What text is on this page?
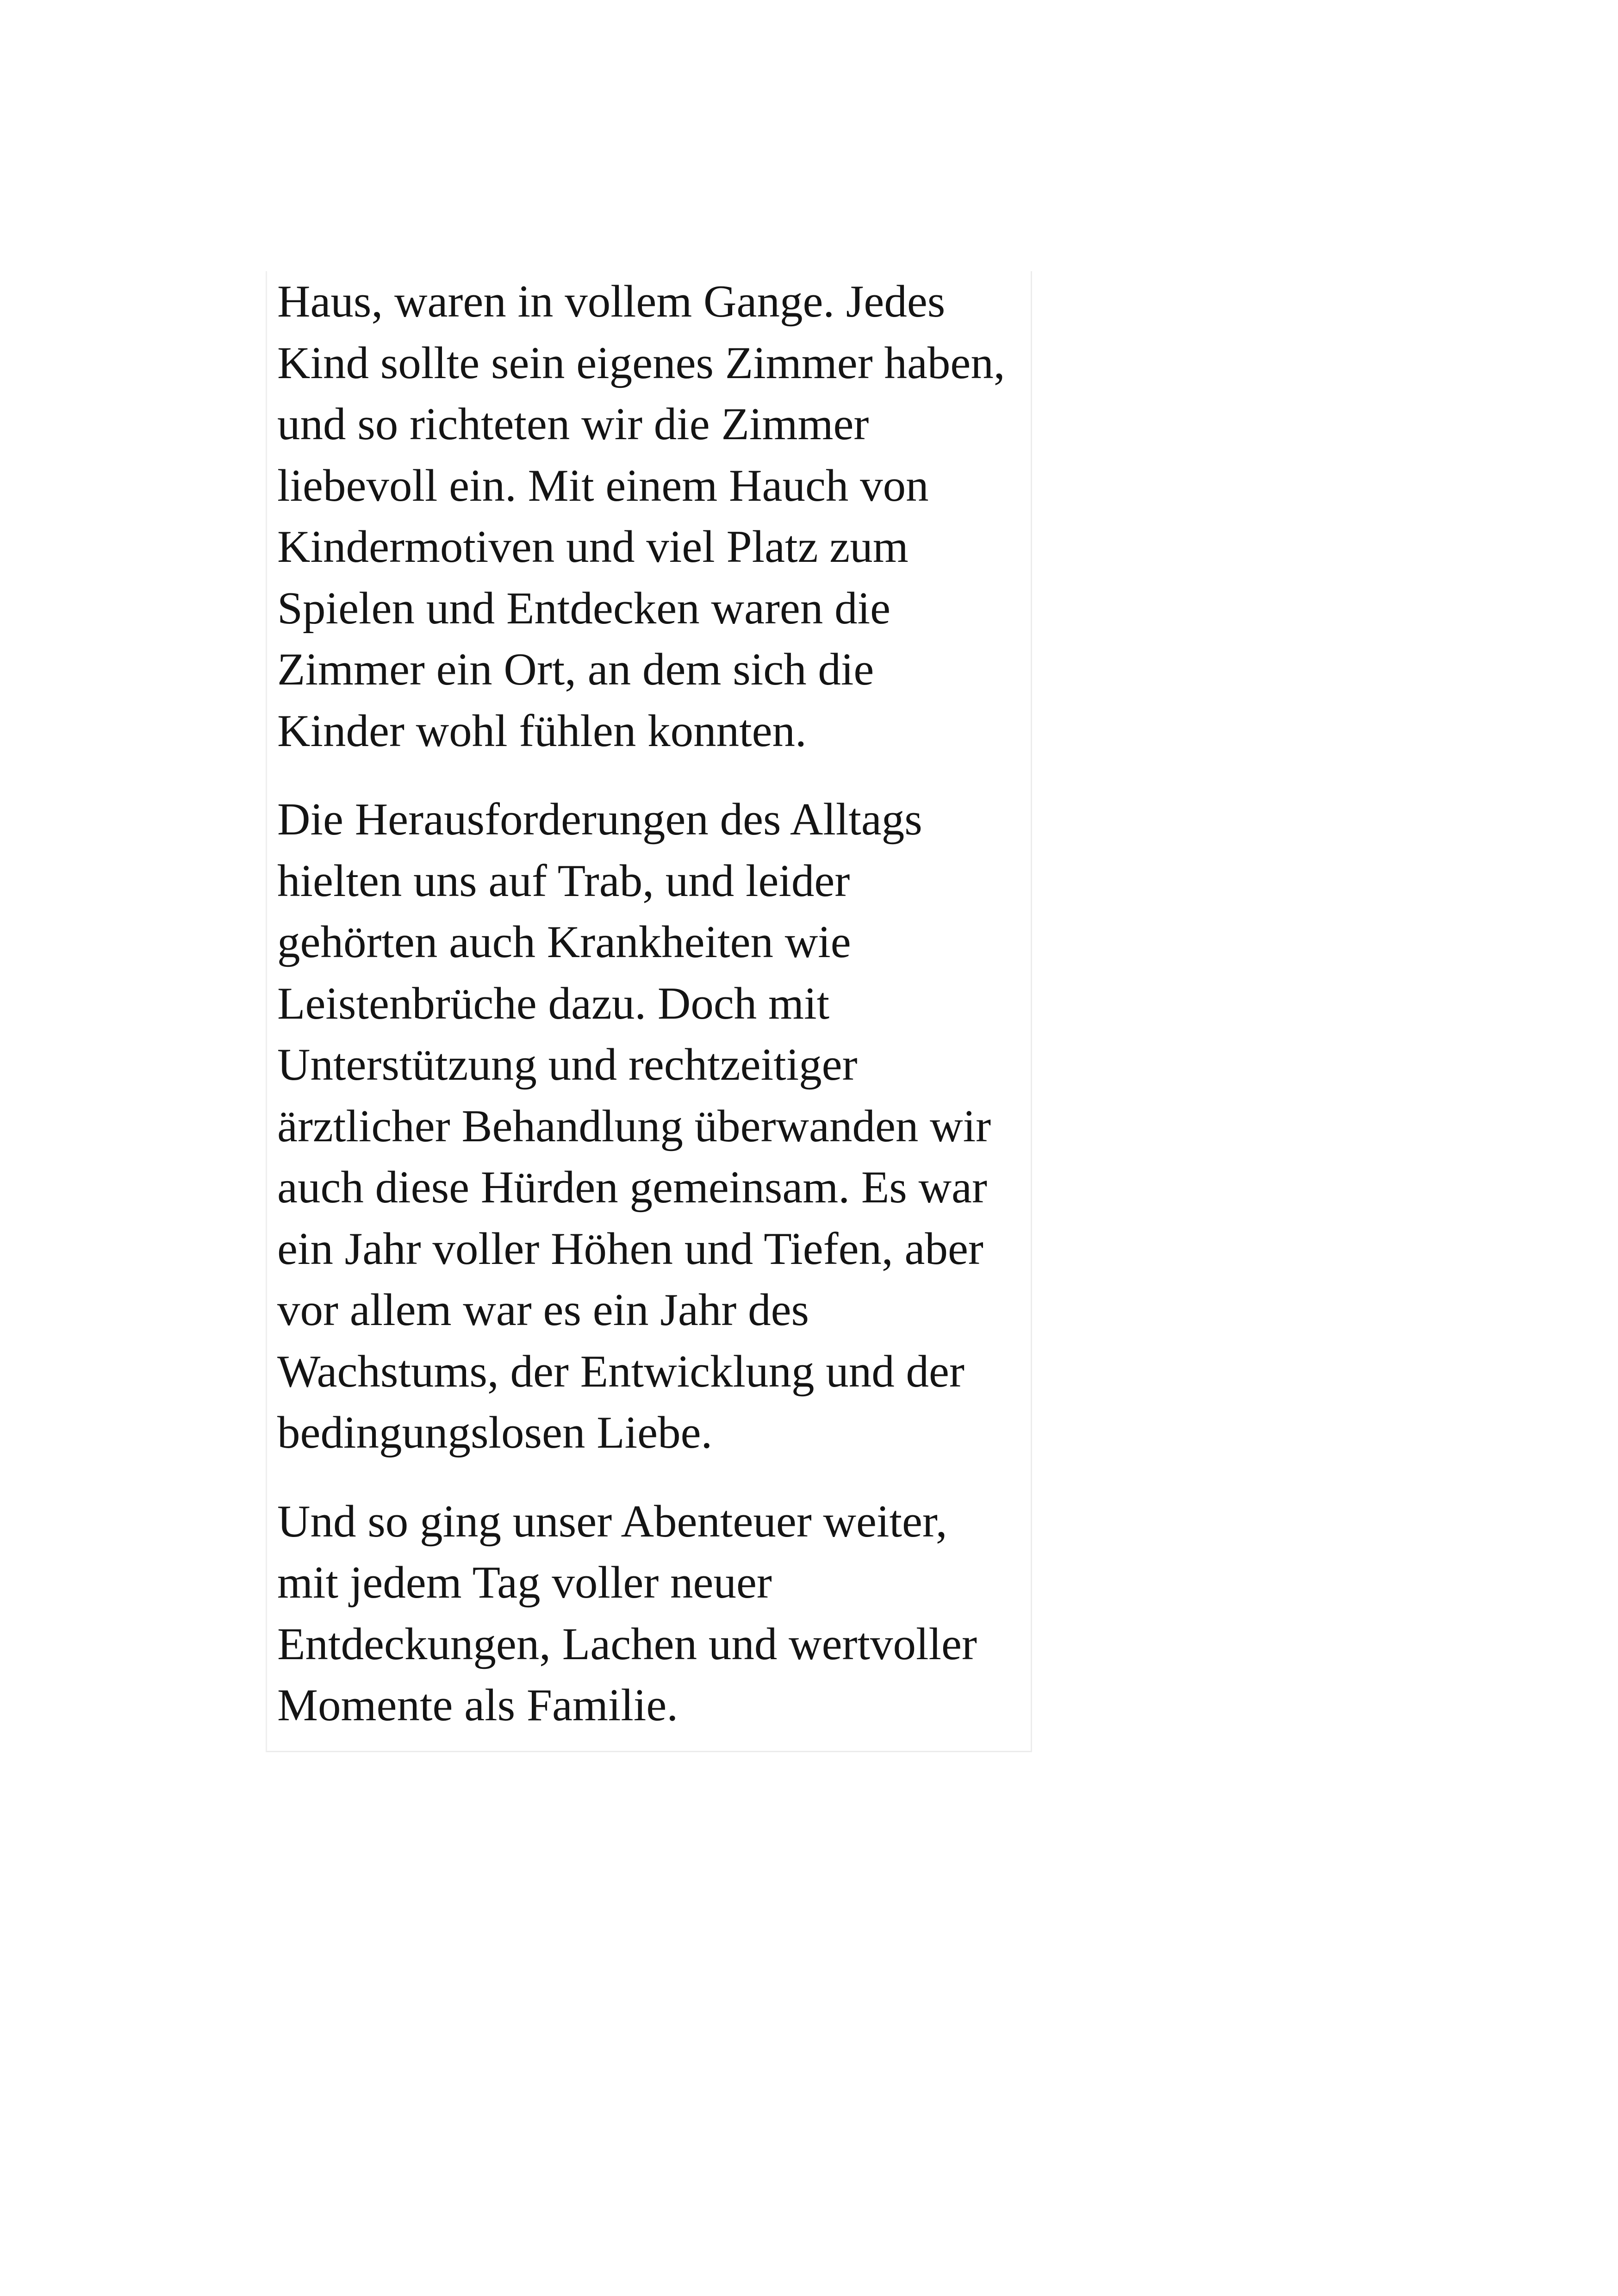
Haus, waren in vollem Gange. Jedes
Kind sollte sein eigenes Zimmer haben,
und so richteten wir die Zimmer
liebevoll ein. Mit einem Hauch von
Kindermotiven und viel Platz zum
Spielen und Entdecken waren die
Zimmer ein Ort, an dem sich die
Kinder wohl fühlen konnten.

Die Herausforderungen des Alltags
hielten uns auf Trab, und leider
gehörten auch Krankheiten wie
Leistenbrüche dazu. Doch mit
Unterstützung und rechtzeitiger
ärztlicher Behandlung überwanden wir
auch diese Hürden gemeinsam. Es war
ein Jahr voller Höhen und Tiefen, aber
vor allem war es ein Jahr des
Wachstums, der Entwicklung und der
bedingungslosen Liebe.

Und so ging unser Abenteuer weiter,
mit jedem Tag voller neuer
Entdeckungen, Lachen und wertvoller
Momente als Familie.
